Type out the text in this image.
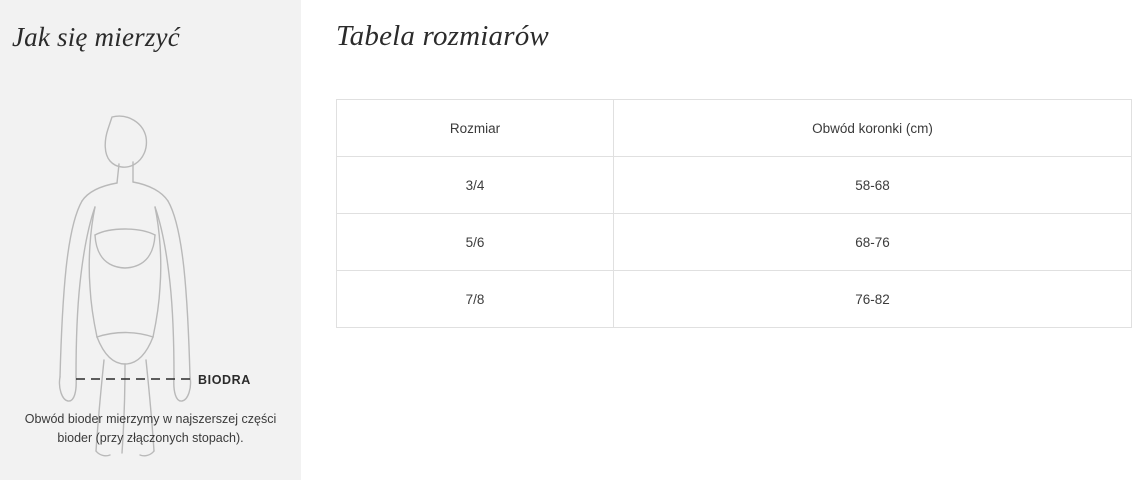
Jak się mierzyć
BIODRA
Obwód bioder mierzymy w najszerszej części bioder (przy złączonych stopach).
Tabela rozmiarów
Rozmiar	Obwód koronki (cm)
3/4	58-68
5/6	68-76
7/8	76-82
